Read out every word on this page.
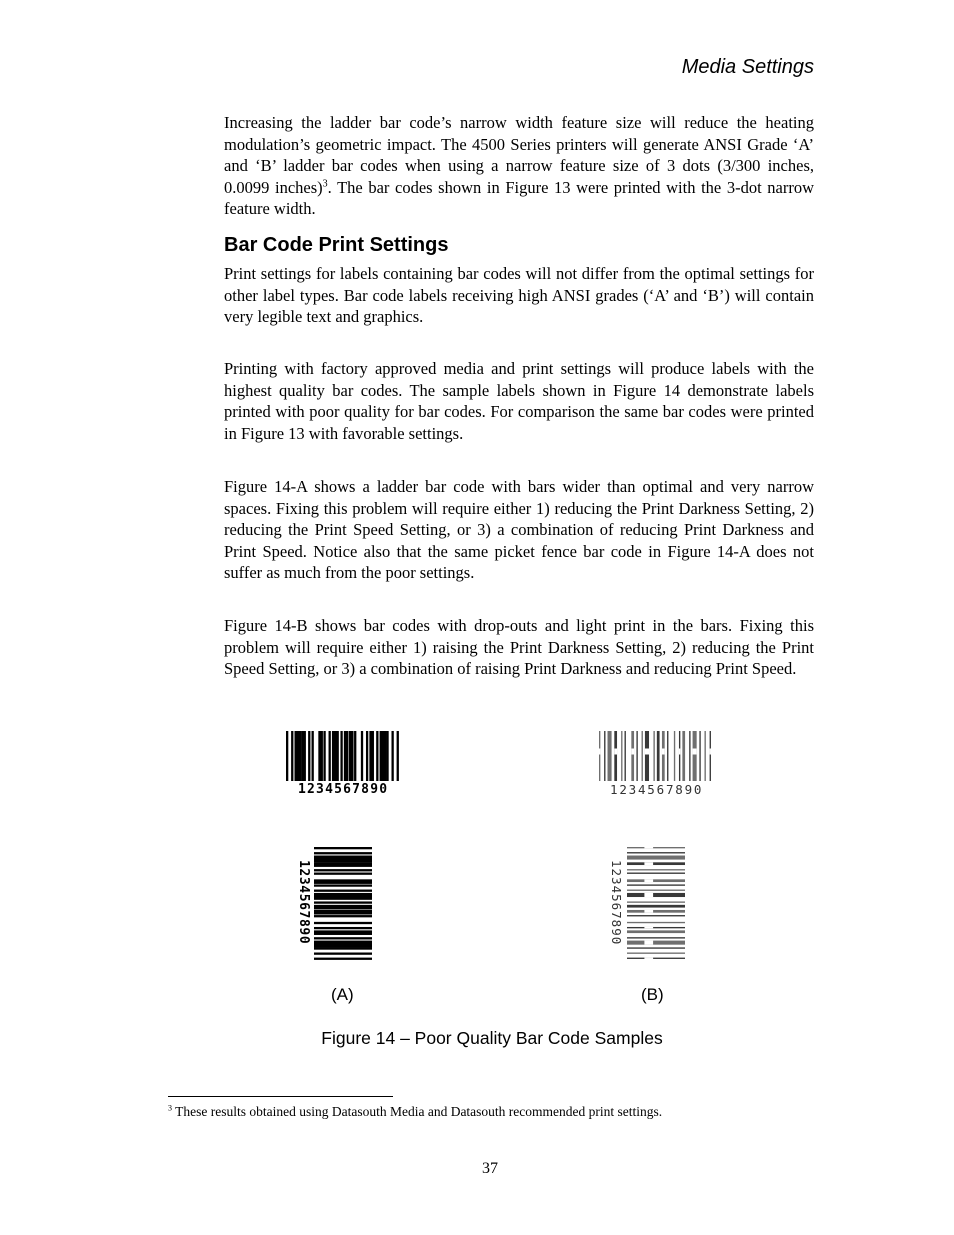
Media Settings

Increasing the ladder bar code’s narrow width feature size will reduce the heating modulation’s geometric impact. The 4500 Series printers will generate ANSI Grade ‘A’ and ‘B’ ladder bar codes when using a narrow feature size of 3 dots (3/300 inches, 0.0099 inches)$^3$. The bar codes shown in Figure 13 were printed with the 3-dot narrow feature width.

Bar Code Print Settings

Print settings for labels containing bar codes will not differ from the optimal settings for other label types. Bar code labels receiving high ANSI grades (‘A’ and ‘B’) will contain very legible text and graphics.

Printing with factory approved media and print settings will produce labels with the highest quality bar codes. The sample labels shown in Figure 14 demonstrate labels printed with poor quality for bar codes. For comparison the same bar codes were printed in Figure 13 with favorable settings.

Figure 14-A shows a ladder bar code with bars wider than optimal and very narrow spaces. Fixing this problem will require either 1) reducing the Print Darkness Setting, 2) reducing the Print Speed Setting, or 3) a combination of reducing Print Darkness and Print Speed. Notice also that the same picket fence bar code in Figure 14-A does not suffer as much from the poor settings.

Figure 14-B shows bar codes with drop-outs and light print in the bars. Fixing this problem will require either 1) raising the Print Darkness Setting, 2) reducing the Print Speed Setting, or 3) a combination of raising Print Darkness and reducing Print Speed.

1234567890
1234567890
1234567890
1234567890
(A)	(B)
Figure 14 – Poor Quality Bar Code Samples
$^3$ These results obtained using Datasouth Media and Datasouth recommended print settings.
37
